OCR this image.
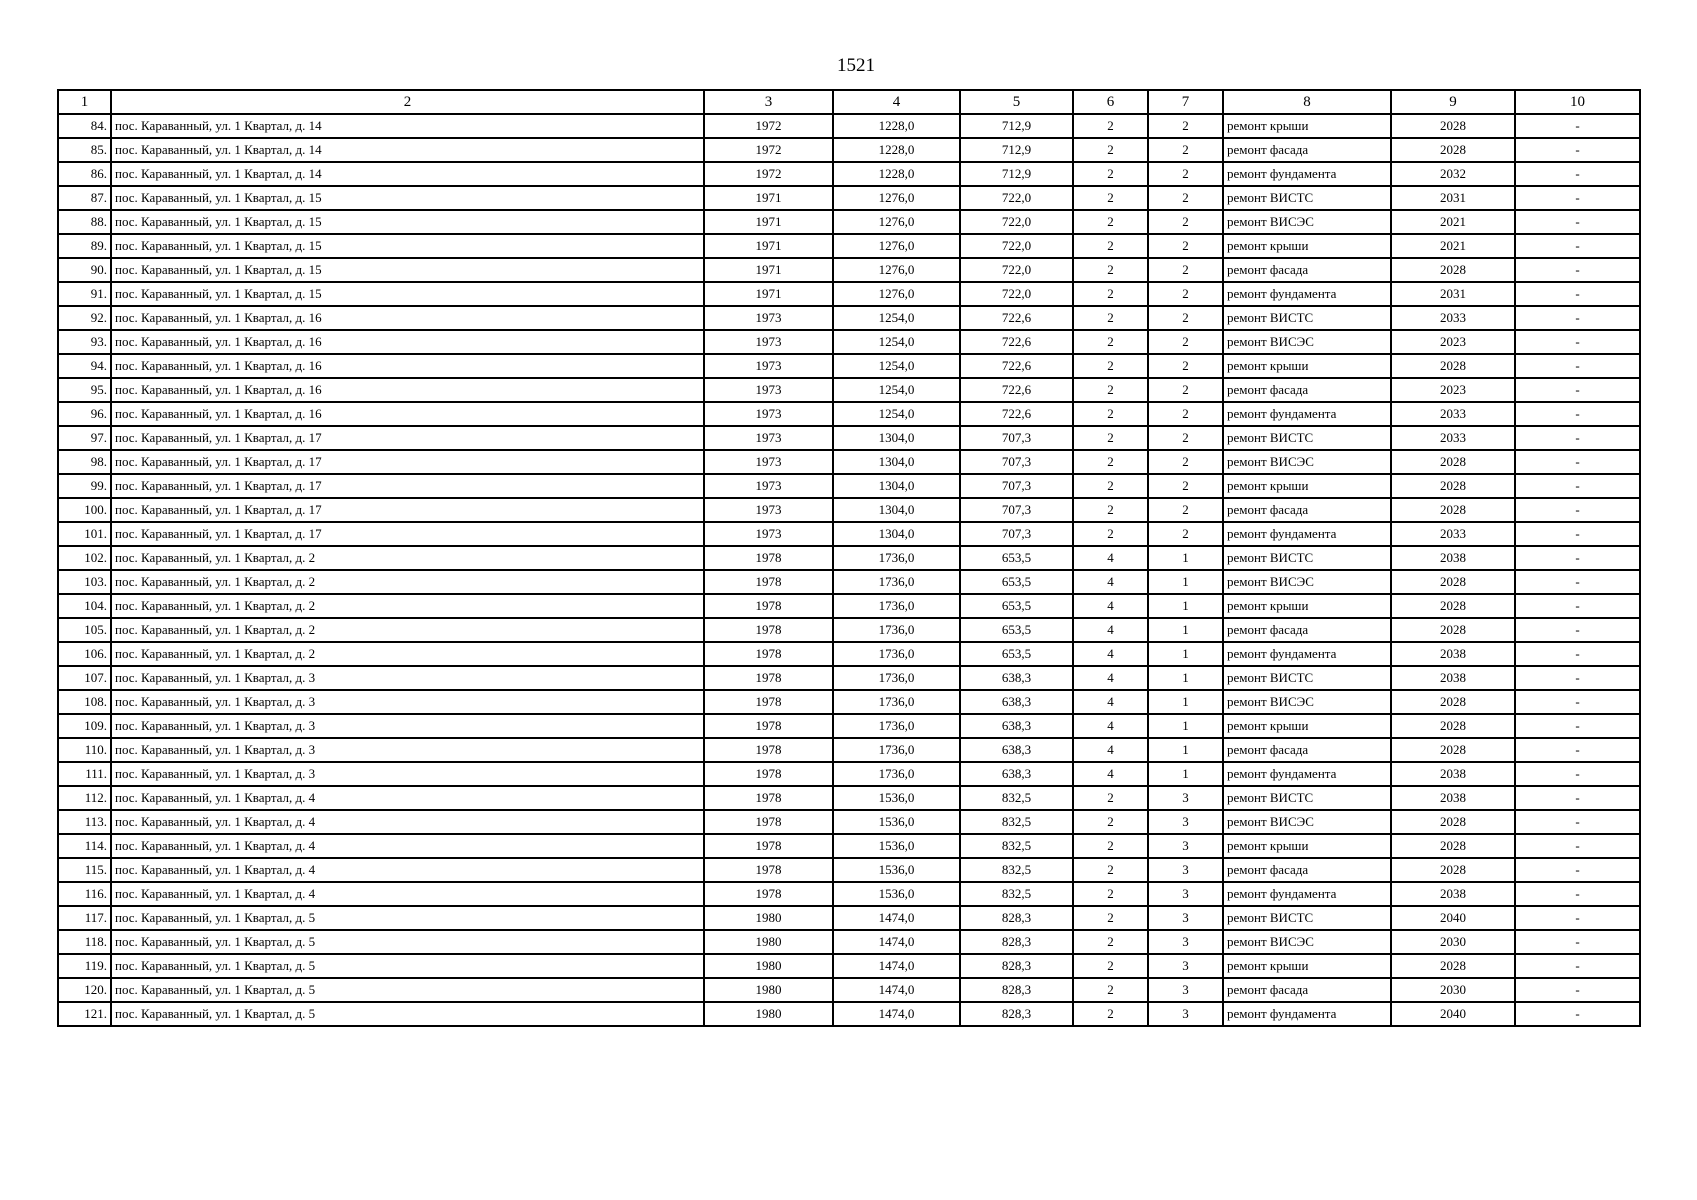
1521
1	2	3	4	5	6	7	8	9	10
84.	пос. Караванный, ул. 1 Квартал, д. 14	1972	1228,0	712,9	2	2	ремонт крыши	2028	-
85.	пос. Караванный, ул. 1 Квартал, д. 14	1972	1228,0	712,9	2	2	ремонт фасада	2028	-
86.	пос. Караванный, ул. 1 Квартал, д. 14	1972	1228,0	712,9	2	2	ремонт фундамента	2032	-
87.	пос. Караванный, ул. 1 Квартал, д. 15	1971	1276,0	722,0	2	2	ремонт ВИСТС	2031	-
88.	пос. Караванный, ул. 1 Квартал, д. 15	1971	1276,0	722,0	2	2	ремонт ВИСЭС	2021	-
89.	пос. Караванный, ул. 1 Квартал, д. 15	1971	1276,0	722,0	2	2	ремонт крыши	2021	-
90.	пос. Караванный, ул. 1 Квартал, д. 15	1971	1276,0	722,0	2	2	ремонт фасада	2028	-
91.	пос. Караванный, ул. 1 Квартал, д. 15	1971	1276,0	722,0	2	2	ремонт фундамента	2031	-
92.	пос. Караванный, ул. 1 Квартал, д. 16	1973	1254,0	722,6	2	2	ремонт ВИСТС	2033	-
93.	пос. Караванный, ул. 1 Квартал, д. 16	1973	1254,0	722,6	2	2	ремонт ВИСЭС	2023	-
94.	пос. Караванный, ул. 1 Квартал, д. 16	1973	1254,0	722,6	2	2	ремонт крыши	2028	-
95.	пос. Караванный, ул. 1 Квартал, д. 16	1973	1254,0	722,6	2	2	ремонт фасада	2023	-
96.	пос. Караванный, ул. 1 Квартал, д. 16	1973	1254,0	722,6	2	2	ремонт фундамента	2033	-
97.	пос. Караванный, ул. 1 Квартал, д. 17	1973	1304,0	707,3	2	2	ремонт ВИСТС	2033	-
98.	пос. Караванный, ул. 1 Квартал, д. 17	1973	1304,0	707,3	2	2	ремонт ВИСЭС	2028	-
99.	пос. Караванный, ул. 1 Квартал, д. 17	1973	1304,0	707,3	2	2	ремонт крыши	2028	-
100.	пос. Караванный, ул. 1 Квартал, д. 17	1973	1304,0	707,3	2	2	ремонт фасада	2028	-
101.	пос. Караванный, ул. 1 Квартал, д. 17	1973	1304,0	707,3	2	2	ремонт фундамента	2033	-
102.	пос. Караванный, ул. 1 Квартал, д. 2	1978	1736,0	653,5	4	1	ремонт ВИСТС	2038	-
103.	пос. Караванный, ул. 1 Квартал, д. 2	1978	1736,0	653,5	4	1	ремонт ВИСЭС	2028	-
104.	пос. Караванный, ул. 1 Квартал, д. 2	1978	1736,0	653,5	4	1	ремонт крыши	2028	-
105.	пос. Караванный, ул. 1 Квартал, д. 2	1978	1736,0	653,5	4	1	ремонт фасада	2028	-
106.	пос. Караванный, ул. 1 Квартал, д. 2	1978	1736,0	653,5	4	1	ремонт фундамента	2038	-
107.	пос. Караванный, ул. 1 Квартал, д. 3	1978	1736,0	638,3	4	1	ремонт ВИСТС	2038	-
108.	пос. Караванный, ул. 1 Квартал, д. 3	1978	1736,0	638,3	4	1	ремонт ВИСЭС	2028	-
109.	пос. Караванный, ул. 1 Квартал, д. 3	1978	1736,0	638,3	4	1	ремонт крыши	2028	-
110.	пос. Караванный, ул. 1 Квартал, д. 3	1978	1736,0	638,3	4	1	ремонт фасада	2028	-
111.	пос. Караванный, ул. 1 Квартал, д. 3	1978	1736,0	638,3	4	1	ремонт фундамента	2038	-
112.	пос. Караванный, ул. 1 Квартал, д. 4	1978	1536,0	832,5	2	3	ремонт ВИСТС	2038	-
113.	пос. Караванный, ул. 1 Квартал, д. 4	1978	1536,0	832,5	2	3	ремонт ВИСЭС	2028	-
114.	пос. Караванный, ул. 1 Квартал, д. 4	1978	1536,0	832,5	2	3	ремонт крыши	2028	-
115.	пос. Караванный, ул. 1 Квартал, д. 4	1978	1536,0	832,5	2	3	ремонт фасада	2028	-
116.	пос. Караванный, ул. 1 Квартал, д. 4	1978	1536,0	832,5	2	3	ремонт фундамента	2038	-
117.	пос. Караванный, ул. 1 Квартал, д. 5	1980	1474,0	828,3	2	3	ремонт ВИСТС	2040	-
118.	пос. Караванный, ул. 1 Квартал, д. 5	1980	1474,0	828,3	2	3	ремонт ВИСЭС	2030	-
119.	пос. Караванный, ул. 1 Квартал, д. 5	1980	1474,0	828,3	2	3	ремонт крыши	2028	-
120.	пос. Караванный, ул. 1 Квартал, д. 5	1980	1474,0	828,3	2	3	ремонт фасада	2030	-
121.	пос. Караванный, ул. 1 Квартал, д. 5	1980	1474,0	828,3	2	3	ремонт фундамента	2040	-
